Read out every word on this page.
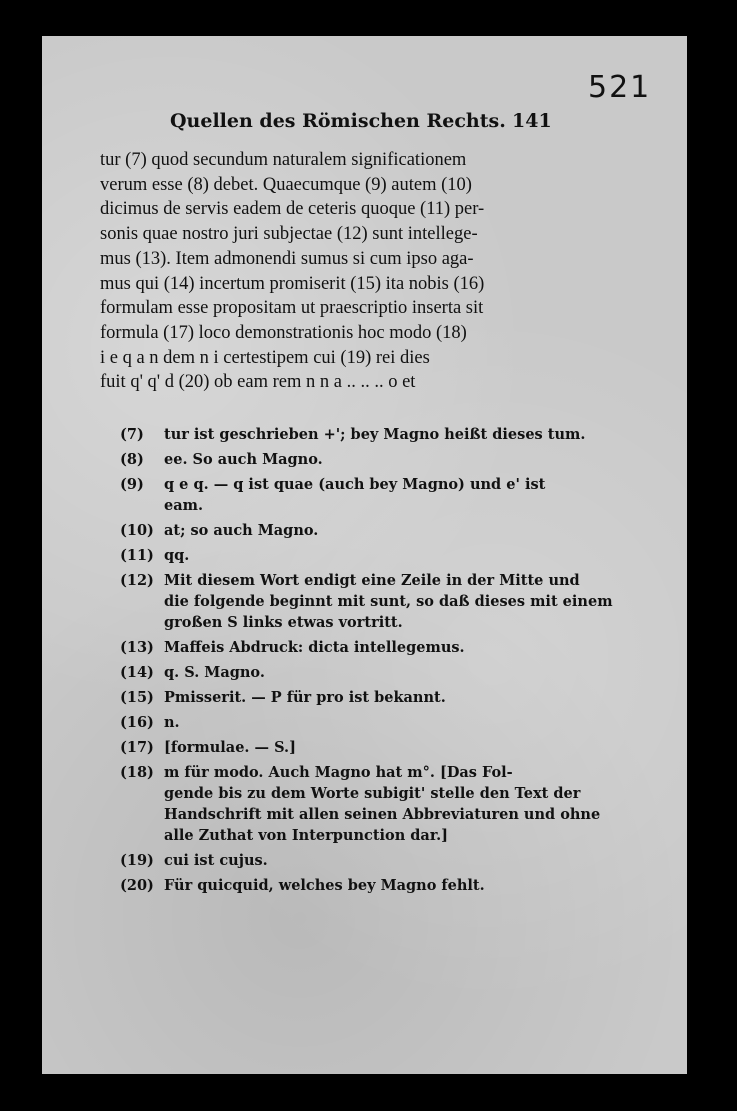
521
Quellen des Römischen Rechts. 141
tur (7) quod secundum naturalem significationem
verum esse (8) debet. Quaecumque (9) autem (10)
dicimus de servis eadem de ceteris quoque (11) per-
sonis quae nostro juri subjectae (12) sunt intellege-
mus (13). Item admonendi sumus si cum ipso aga-
mus qui (14) incertum promiserit (15) ita nobis (16)
formulam esse propositam ut praescriptio inserta sit
formula (17) loco demonstrationis hoc modo (18)
i e q a n dem n i certestipem cui (19) rei dies
fuit q' q' d (20) ob eam rem n n a .. .. .. o et
(7)	tur ist geschrieben +'; bey Magno heißt dieses tum.
(8)	ee. So auch Magno.
(9)	q e q. — q ist quae (auch bey Magno) und e' ist
eam.
(10) at; so auch Magno.
(11) qq.
(12) Mit diesem Wort endigt eine Zeile in der Mitte und
die folgende beginnt mit sunt, so daß dieses mit einem
großen S links etwas vortritt.
(13) Maffeis Abdruck: dicta intellegemus.
(14) q. S. Magno.
(15) Pmisserit. — P für pro ist bekannt.
(16) n.
(17) [formulae. — S.]
(18) m für modo. Auch Magno hat m°. [Das Fol-
gende bis zu dem Worte subigit' stelle den Text der
Handschrift mit allen seinen Abbreviaturen und ohne
alle Zuthat von Interpunction dar.]
(19) cui ist cujus.
(20) Für quicquid, welches bey Magno fehlt.
